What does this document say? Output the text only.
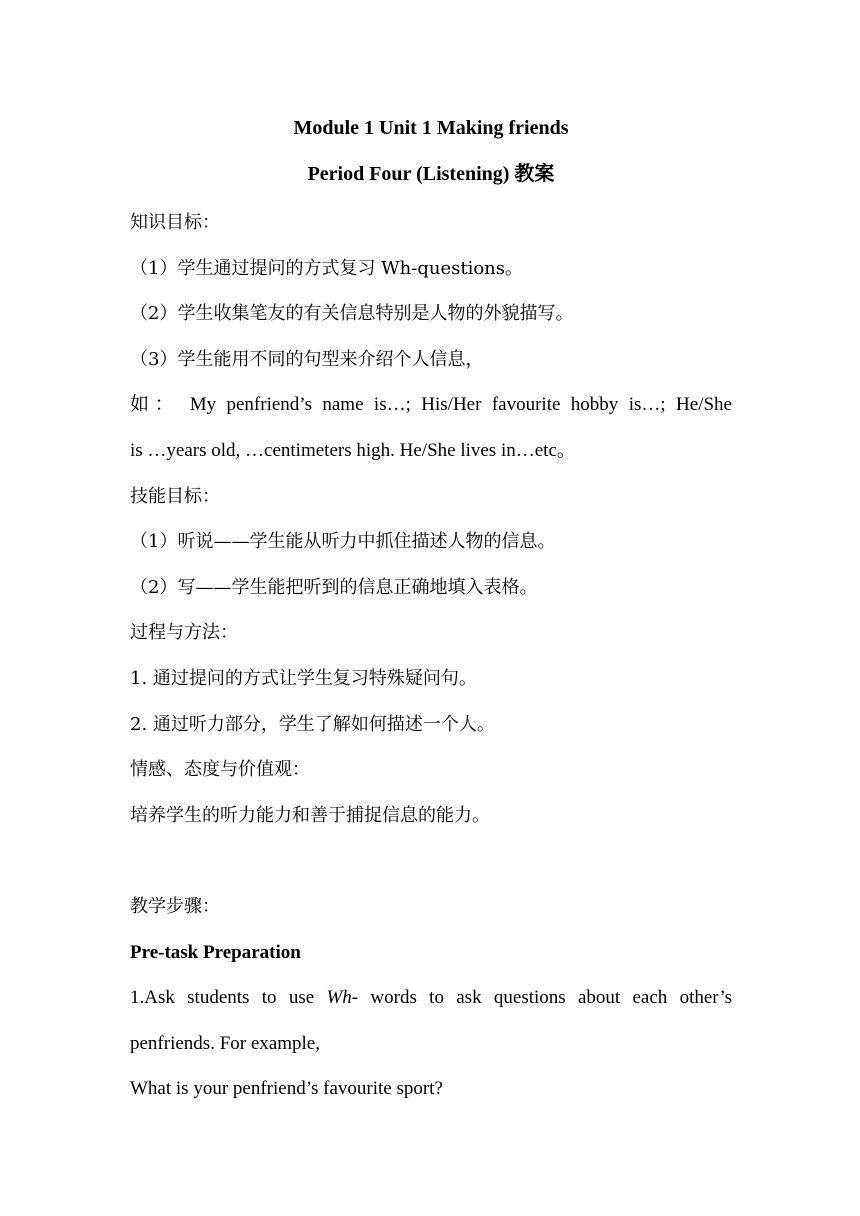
Module 1 Unit 1 Making friends

Period Four (Listening) 教案

知识目标：

（1）学生通过提问的方式复习 Wh-questions。

（2）学生收集笔友的有关信息特别是人物的外貌描写。

（3）学生能用不同的句型来介绍个人信息，

如： My penfriend’s name is…; His/Her favourite hobby is…; He/She

is …years old, …centimeters high. He/She lives in…etc。

技能目标：

（1）听说——学生能从听力中抓住描述人物的信息。

（2）写——学生能把听到的信息正确地填入表格。

过程与方法：

1. 通过提问的方式让学生复习特殊疑问句。

2. 通过听力部分，学生了解如何描述一个人。

情感、态度与价值观：

培养学生的听力能力和善于捕捉信息的能力。

教学步骤：

Pre-task Preparation

1.Ask students to use Wh- words to ask questions about each other’s

penfriends. For example,

What is your penfriend’s favourite sport?
